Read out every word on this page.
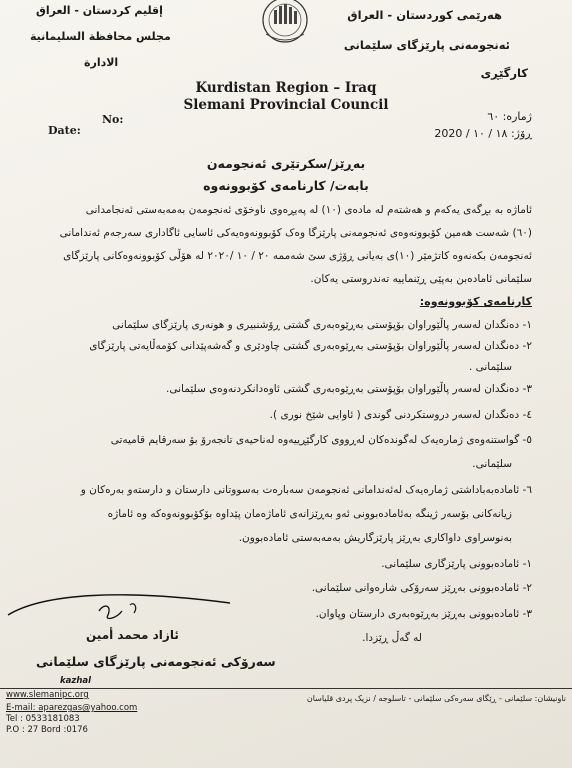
إقليم كردستان - العراق
مجلس محافظة السليمانية
الادارة
هەرێمی کوردستان - العراق
ئەنجومەنی پارێزگای سلێمانی
کارگێڕی
Kurdistan Region – Iraq
Slemani Provincial Council
No:
Date:
ژمارە: ٦٠
ڕۆژ: ١٨ / ١٠ / 2020
بەڕێز/سکرتێری ئەنجومەن
بابەت/ کارنامەی کۆبوونەوە
ئاماژە بە بڕگەی یەکەم و هەشتەم لە مادەی (١٠) لە پەیڕەوی ناوخۆی ئەنجومەن بەمەبەستی ئەنجامدانی
(٦٠) شەست هەمین کۆبوونەوەی ئەنجومەنی پارێزگا وەک کۆبوونەوەیەکی ئاسایی ئاگاداری سەرجەم ئەندامانی
ئەنجومەن بکەنەوە کاتژمێر (١٠)ی بەیانی ڕۆژی سێ شەممە ٢٠ / ١٠ /٢٠٢٠ لە هۆڵی کۆبوونەوەکانی پارێزگای
سلێمانی ئامادەبن بەپێی ڕێنماییە تەندروستی یەکان.
کارنامەی کۆبوونەوە:
١- دەنگدان لەسەر پاڵێوراوان بۆپۆستی بەڕێوەبەری گشتی ڕۆشنبیری و هونەری پارێزگای سلێمانی
٢- دەنگدان لەسەر پاڵێوراوان بۆپۆستی بەڕێوەبەری گشتی چاودێری و گەشەپێدانی کۆمەڵایەتی پارێزگای
سلێمانی .
٣- دەنگدان لەسەر پاڵێوراوان بۆپۆستی بەڕێوەبەری گشتی ئاوەدانکردنەوەی سلێمانی.
٤- دەنگدان لەسەر دروستکردنی گوندی ( ئاوایی شێخ نوری ).
٥- گواستنەوەی ژمارەیەک لەگوندەکان لەڕووی کارگێڕییەوە لەناحیەی تانجەرۆ بۆ سەرقایم قامیەتی
سلێمانی.
٦- ئامادەبەباداشتی ژمارەیەک لەئەندامانی ئەنجومەن سەبارەت بەسووتانی دارستان و دارستەو بەرەکان و
زیانەکانی بۆسەر ژینگە بەئامادەبوونی ئەو بەڕێزانەی ئاماژەمان پێداوە بۆکۆبوونەوەکە وە ئاماژە
بەنوسراوی داواکاری بەڕێز پارێزگاریش بەمەبەستی ئامادەبوون.
١- ئامادەبوونی پارێزگاری سلێمانی.
٢- ئامادەبوونی بەڕێز سەرۆکی شارەوانی سلێمانی.
٣- ئامادەبوونی بەڕێز بەڕێوەبەری دارستان وپاوان.
لە گەڵ ڕێزدا.
ئازاد محمد أمین
سەرۆکی ئەنجومەنی پارێزگای سلێمانی
kazhal
www.slemanipc.org
E-mail: aparezgas@yahoo.com
Tel : 0533181083
P.O : 27 Bord :0176
ناونیشان: سلێمانی - ڕێگای سەرەکی سلێمانی - تاسلوجە / نزیک پردی قلیاسان
